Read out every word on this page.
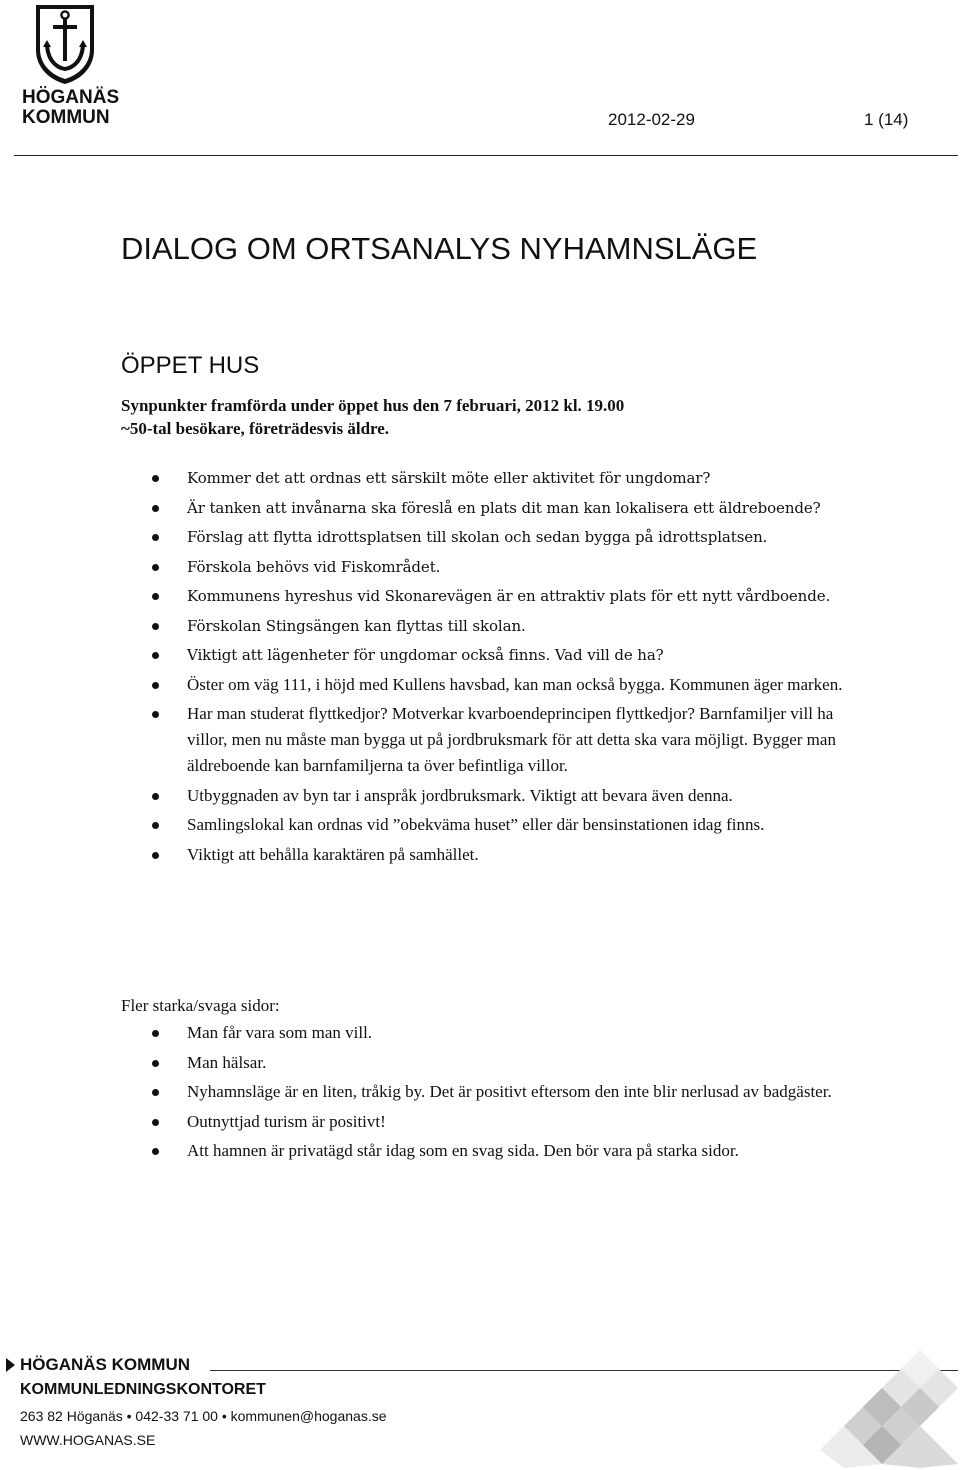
HÖGANÄS
KOMMUN	2012-02-29	1 (14)
DIALOG OM ORTSANALYS NYHAMNSLÄGE
ÖPPET HUS
Synpunkter framförda under öppet hus den 7 februari, 2012 kl. 19.00
~50-tal besökare, företrädesvis äldre.
Kommer det att ordnas ett särskilt möte eller aktivitet för ungdomar?
Är tanken att invånarna ska föreslå en plats dit man kan lokalisera ett äldreboende?
Förslag att flytta idrottsplatsen till skolan och sedan bygga på idrottsplatsen.
Förskola behövs vid Fiskområdet.
Kommunens hyreshus vid Skonarevägen är en attraktiv plats för ett nytt vårdboende.
Förskolan Stingsängen kan flyttas till skolan.
Viktigt att lägenheter för ungdomar också finns. Vad vill de ha?
Öster om väg 111, i höjd med Kullens havsbad, kan man också bygga. Kommunen äger marken.
Har man studerat flyttkedjor? Motverkar kvarboendeprincipen flyttkedjor? Barnfamiljer vill ha villor, men nu måste man bygga ut på jordbruksmark för att detta ska vara möjligt. Bygger man äldreboende kan barnfamiljerna ta över befintliga villor.
Utbyggnaden av byn tar i anspråk jordbruksmark. Viktigt att bevara även denna.
Samlingslokal kan ordnas vid ”obekväma huset” eller där bensinstationen idag finns.
Viktigt att behålla karaktären på samhället.
Fler starka/svaga sidor:
Man får vara som man vill.
Man hälsar.
Nyhamnsläge är en liten, tråkig by. Det är positivt eftersom den inte blir nerlusad av badgäster.
Outnyttjad turism är positivt!
Att hamnen är privatägd står idag som en svag sida. Den bör vara på starka sidor.
HÖGANÄS KOMMUN
KOMMUNLEDNINGSKONTORET
263 82 Höganäs • 042-33 71 00 • kommunen@hoganas.se
WWW.HOGANAS.SE
